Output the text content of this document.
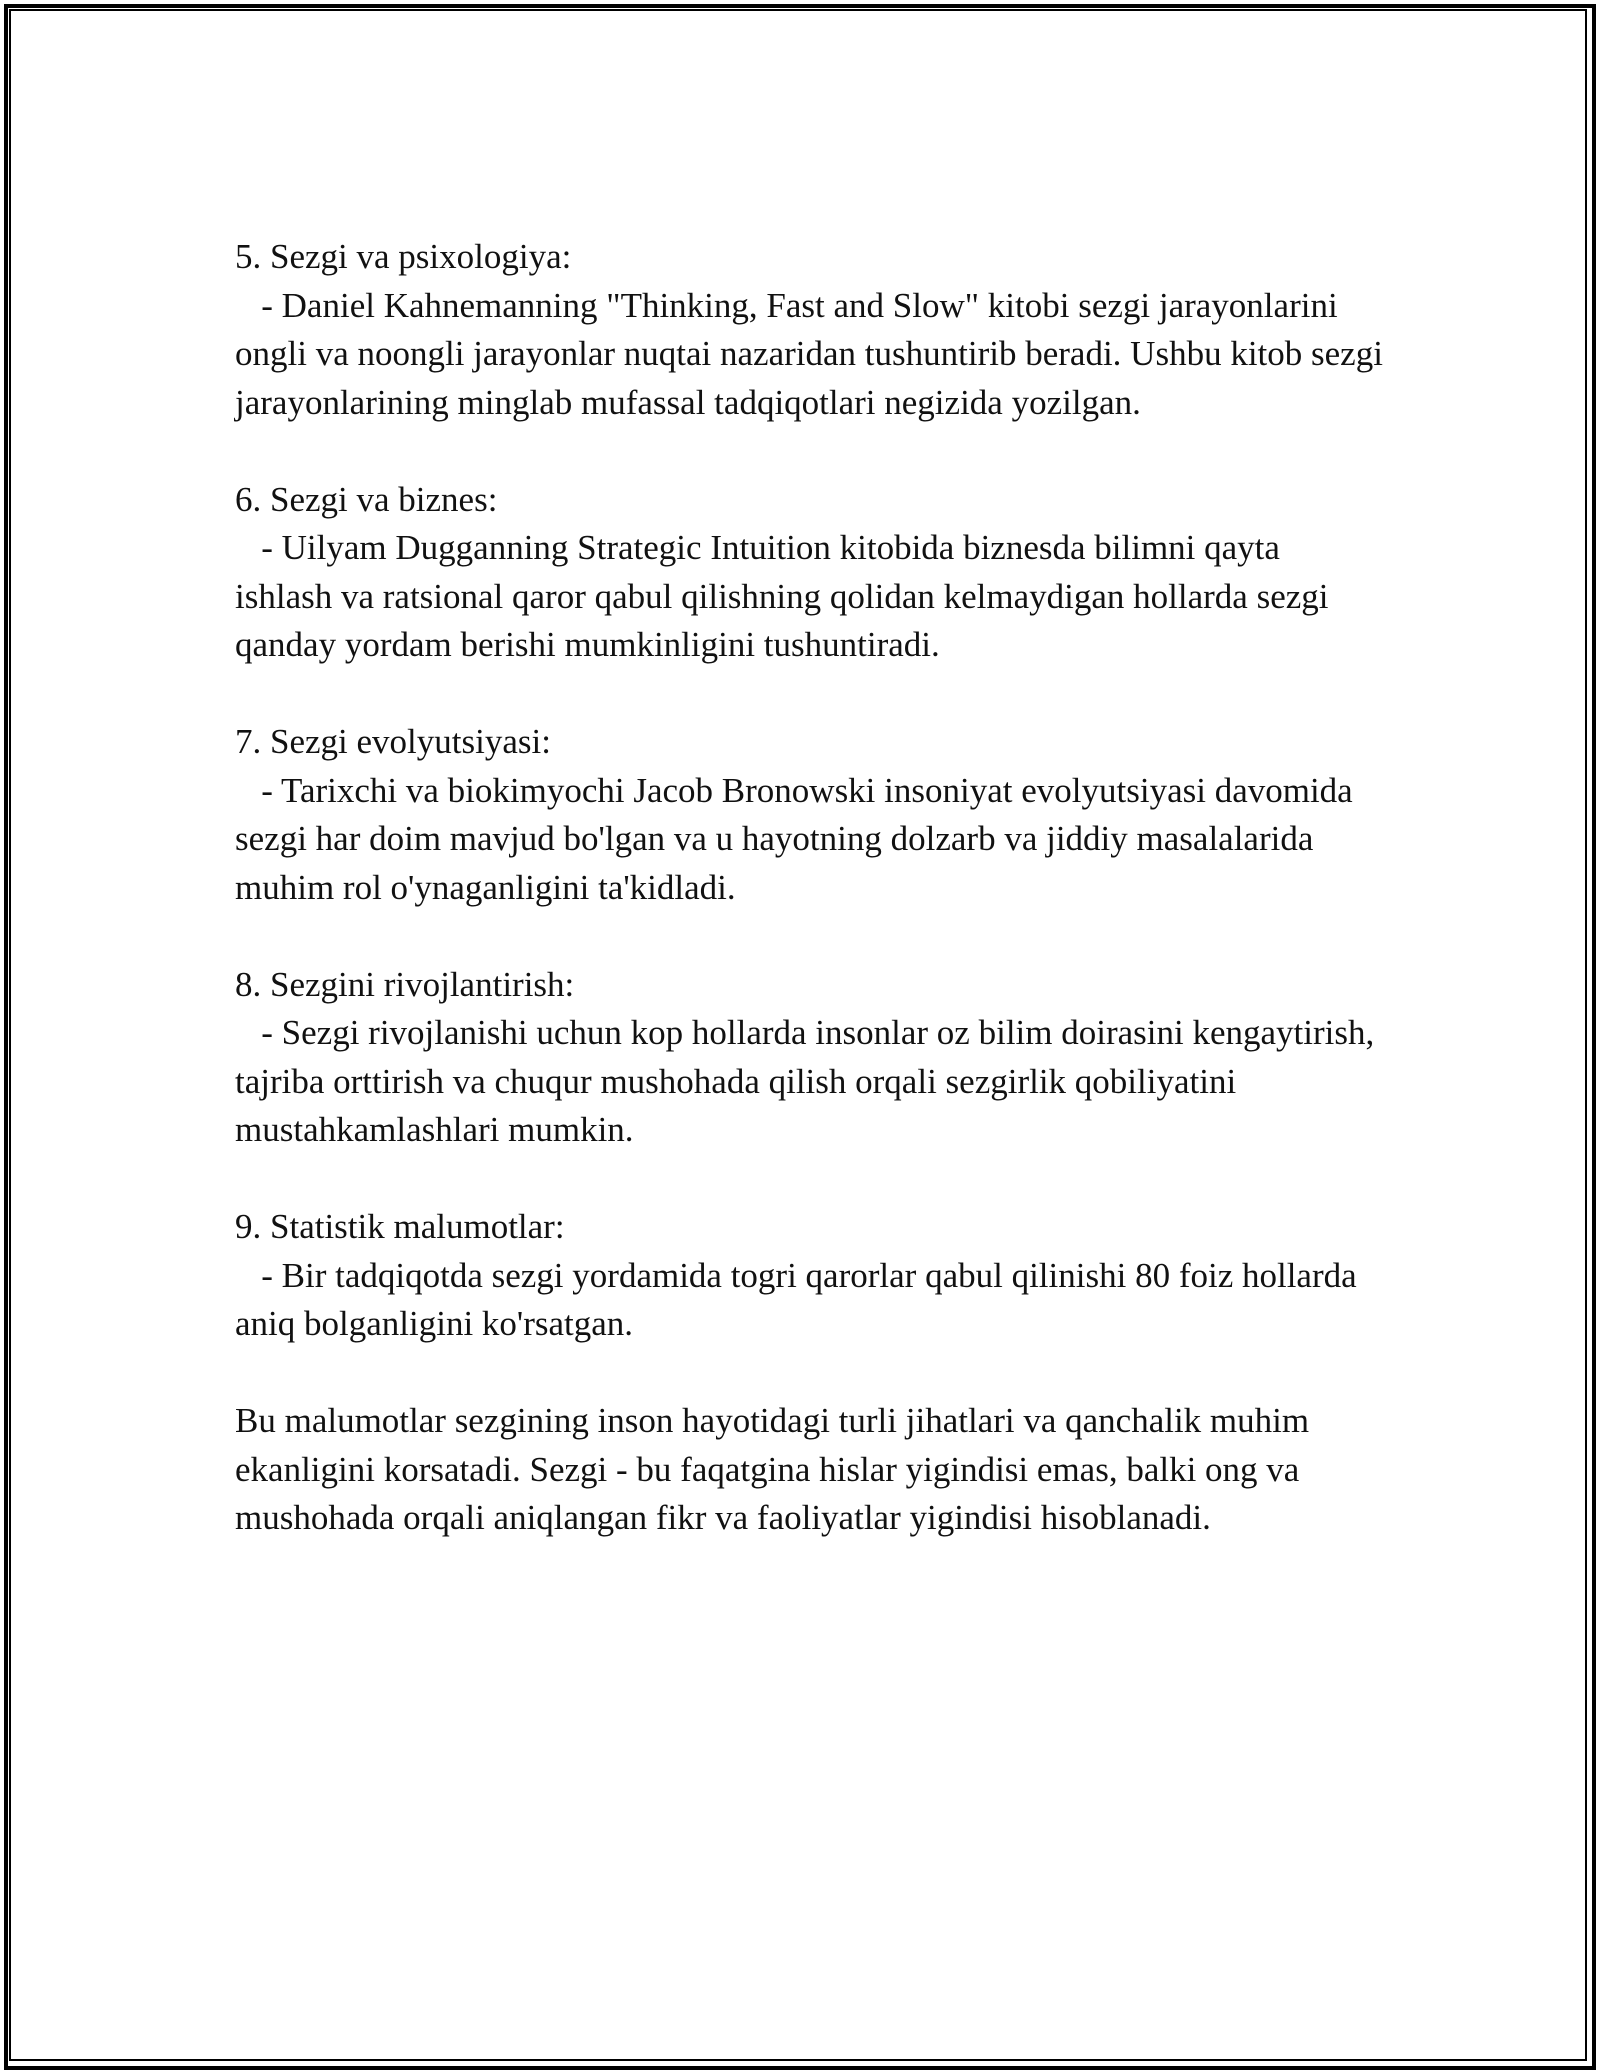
5. Sezgi va psixologiya:

- Daniel Kahnemanning "Thinking, Fast and Slow" kitobi sezgi jarayonlarini ongli va noongli jarayonlar nuqtai nazaridan tushuntirib beradi. Ushbu kitob sezgi jarayonlarining minglab mufassal tadqiqotlari negizida yozilgan.

6. Sezgi va biznes:

- Uilyam Dugganning Strategic Intuition kitobida biznesda bilimni qayta ishlash va ratsional qaror qabul qilishning qolidan kelmaydigan hollarda sezgi qanday yordam berishi mumkinligini tushuntiradi.

7. Sezgi evolyutsiyasi:

- Tarixchi va biokimyochi Jacob Bronowski insoniyat evolyutsiyasi davomida sezgi har doim mavjud bo'lgan va u hayotning dolzarb va jiddiy masalalarida muhim rol o'ynaganligini ta'kidladi.

8. Sezgini rivojlantirish:

- Sezgi rivojlanishi uchun kop hollarda insonlar oz bilim doirasini kengaytirish, tajriba orttirish va chuqur mushohada qilish orqali sezgirlik qobiliyatini mustahkamlashlari mumkin.

9. Statistik malumotlar:

- Bir tadqiqotda sezgi yordamida togri qarorlar qabul qilinishi 80 foiz hollarda aniq bolganligini ko'rsatgan.

Bu malumotlar sezgining inson hayotidagi turli jihatlari va qanchalik muhim ekanligini korsatadi. Sezgi - bu faqatgina hislar yigindisi emas, balki ong va mushohada orqali aniqlangan fikr va faoliyatlar yigindisi hisoblanadi.
